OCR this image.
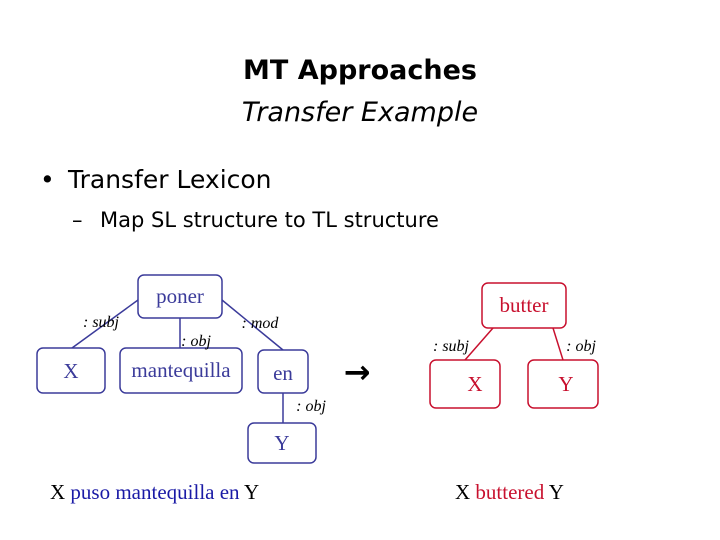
MT Approaches
Transfer Example
• Transfer Lexicon
– Map SL structure to TL structure
poner
X	mantequilla en
Y
: subj
: obj
: mod
: obj
→
butter
X	Y
: subj	: obj
X puso mantequilla en Y	X buttered Y
